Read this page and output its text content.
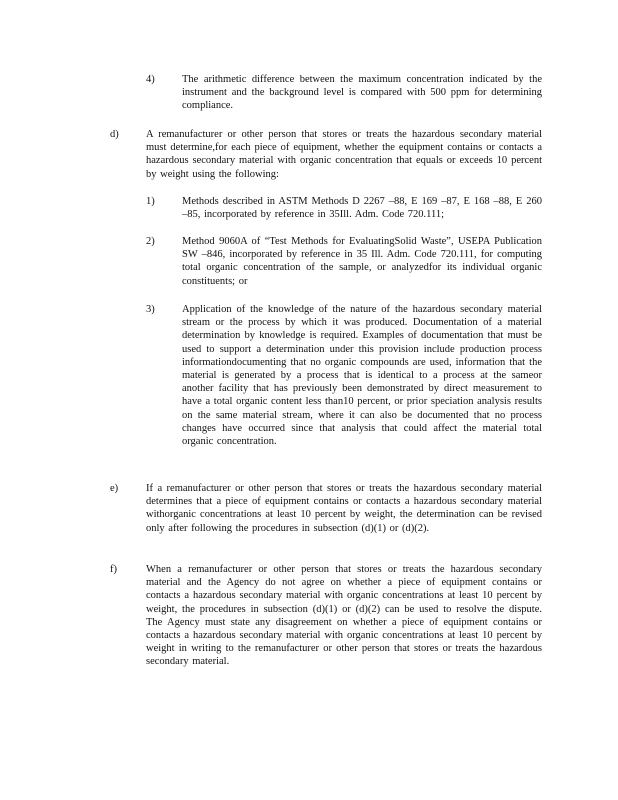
4)	The arithmetic difference between the maximum concentration indicated by the instrument and the background level is compared with 500 ppm for determining compliance.
d)	A remanufacturer or other person that stores or treats the hazardous secondary material must determine,for each piece of equipment, whether the equipment contains or contacts a hazardous secondary material with organic concentration that equals or exceeds 10 percent by weight using the following:
1)	Methods described in ASTM Methods D 2267 –88, E 169 –87, E 168 –88, E 260 –85, incorporated by reference in 35Ill. Adm. Code 720.111;
2)	Method 9060A of “Test Methods for EvaluatingSolid Waste”, USEPA Publication SW –846, incorporated by reference in 35 Ill. Adm. Code 720.111, for computing total organic concentration of the sample, or analyzedfor its individual organic constituents; or
3)	Application of the knowledge of the nature of the hazardous secondary material stream or the process by which it was produced. Documentation of a material determination by knowledge is required. Examples of documentation that must be used to support a determination under this provision include production process informationdocumenting that no organic compounds are used, information that the material is generated by a process that is identical to a process at the sameor another facility that has previously been demonstrated by direct measurement to have a total organic content less than10 percent, or prior speciation analysis results on the same material stream, where it can also be documented that no process changes have occurred since that analysis that could affect the material total organic concentration.
e)	If a remanufacturer or other person that stores or treats the hazardous secondary material determines that a piece of equipment contains or contacts a hazardous secondary material withorganic concentrations at least 10 percent by weight, the determination can be revised only after following the procedures in subsection (d)(1) or (d)(2).
f)	When a remanufacturer or other person that stores or treats the hazardous secondary material and the Agency do not agree on whether a piece of equipment contains or contacts a hazardous secondary material with organic concentrations at least 10 percent by weight, the procedures in subsection (d)(1) or (d)(2) can be used to resolve the dispute. The Agency must state any disagreement on whether a piece of equipment contains or contacts a hazardous secondary material with organic concentrations at least 10 percent by weight in writing to the remanufacturer or other person that stores or treats the hazardous secondary material.
